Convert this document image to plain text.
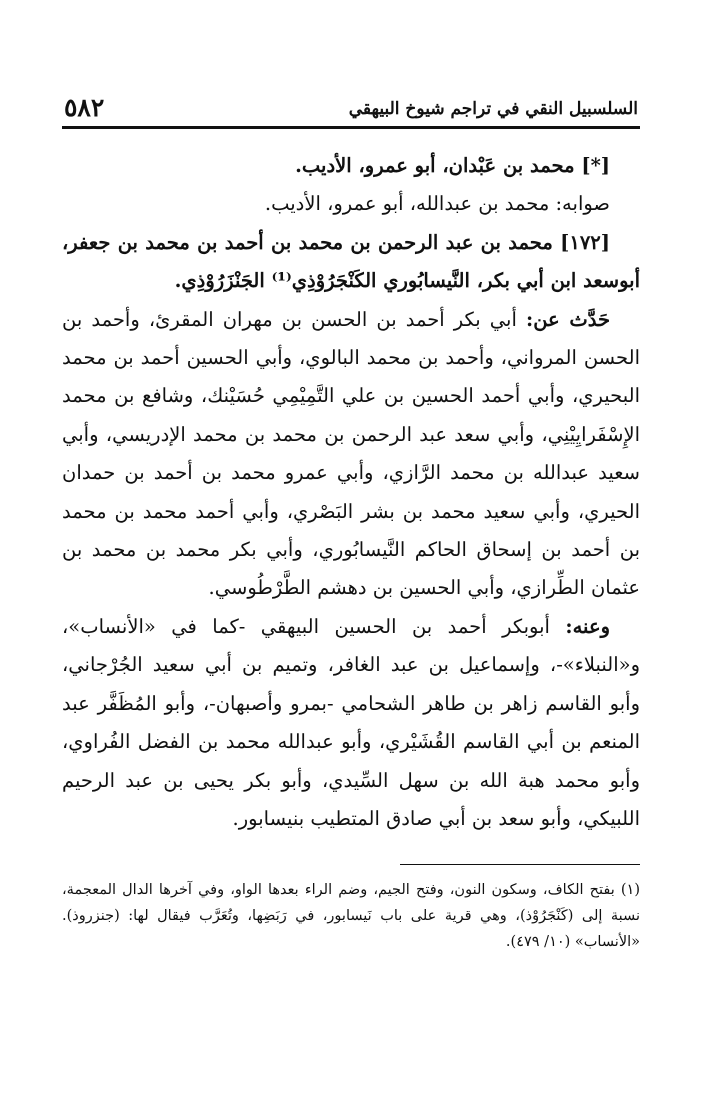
السلسبيل النقي في تراجم شيوخ البيهقي
٥٨٢

[*] محمد بن عَبْدان، أبو عمرو، الأديب.

صوابه: محمد بن عبدالله، أبو عمرو، الأديب.

[١٧٢] محمد بن عبد الرحمن بن محمد بن أحمد بن محمد بن جعفر، أبوسعد ابن أبي بكر، النَّيسابُوري الكَنْجَرُوْذِي⁽¹⁾ الجَنْزَرُوْذِي.

حَدَّث عن: أبي بكر أحمد بن الحسن بن مهران المقرئ، وأحمد بن الحسن المرواني، وأحمد بن محمد البالوي، وأبي الحسين أحمد بن محمد البحيري، وأبي أحمد الحسين بن علي التَّمِيْمِي حُسَيْنك، وشافع بن محمد الإِسْفَرايِيْنِي، وأبي سعد عبد الرحمن بن محمد بن محمد الإدريسي، وأبي سعيد عبدالله بن محمد الرَّازي، وأبي عمرو محمد بن أحمد بن حمدان الحيري، وأبي سعيد محمد بن بشر البَصْري، وأبي أحمد محمد بن محمد بن أحمد بن إسحاق الحاكم النَّيسابُوري، وأبي بكر محمد بن محمد بن عثمان الطِّرازي، وأبي الحسين بن دهشم الطَّرْطُوسي.

وعنه: أبوبكر أحمد بن الحسين البيهقي -كما في «الأنساب»، و«النبلاء»-، وإسماعيل بن عبد الغافر، وتميم بن أبي سعيد الجُرْجاني، وأبو القاسم زاهر بن طاهر الشحامي -بمرو وأصبهان-، وأبو المُظَفَّر عبد المنعم بن أبي القاسم القُشَيْري، وأبو عبدالله محمد بن الفضل الفُراوي، وأبو محمد هبة الله بن سهل السِّيدي، وأبو بكر يحيى بن عبد الرحيم اللبيكي، وأبو سعد بن أبي صادق المتطيب بنيسابور.

(١) بفتح الكاف، وسكون النون، وفتح الجيم، وضم الراء بعدها الواو، وفي آخرها الدال المعجمة، نسبة إلى (كَنْجَرُوْذ)، وهي قرية على باب نَيسابور، في رَبَضِها، وتُعَرَّب فيقال لها: (جنزروذ). «الأنساب» (١٠/ ٤٧٩).
